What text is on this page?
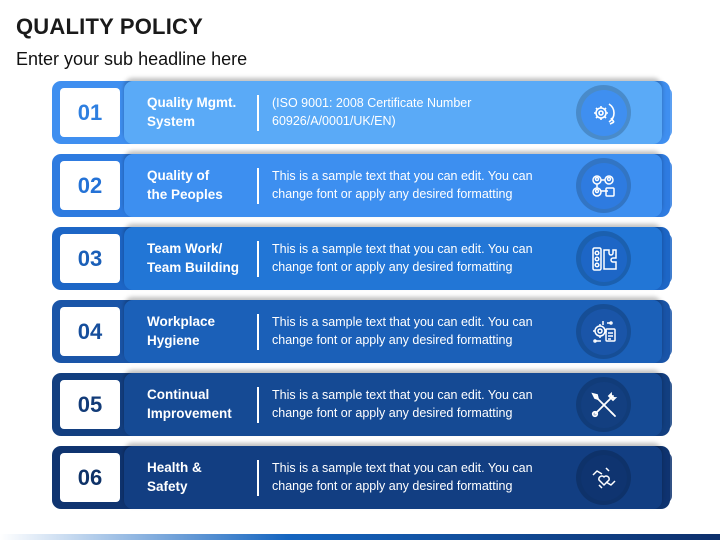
QUALITY POLICY
Enter your sub headline here
01	Quality Mgmt.
System
(ISO 9001: 2008 Certificate Number
60926/A/0001/UK/EN)
02	Quality of
the Peoples
This is a sample text that you can edit. You can
change font or apply any desired formatting
03	Team Work/
Team Building
This is a sample text that you can edit. You can
change font or apply any desired formatting
04	Workplace
Hygiene
This is a sample text that you can edit. You can
change font or apply any desired formatting
05	Continual
Improvement
This is a sample text that you can edit. You can
change font or apply any desired formatting
06	Health &
Safety
This is a sample text that you can edit. You can
change font or apply any desired formatting
